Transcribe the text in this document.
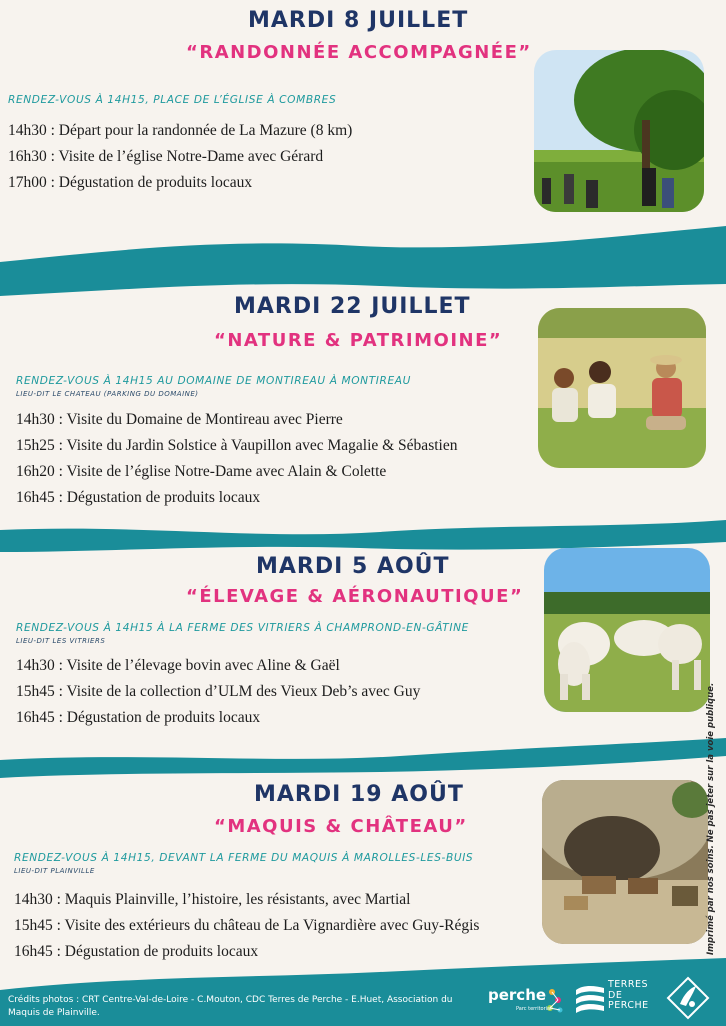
MARDI 8 JUILLET
“RANDONNÉE ACCOMPAGNÉE”
RENDEZ-VOUS À 14H15, PLACE DE L’ÉGLISE À COMBRES
14h30 : Départ pour la randonnée de La Mazure (8 km)
16h30 : Visite de l’église Notre-Dame avec Gérard
17h00 : Dégustation de produits locaux
MARDI 22 JUILLET
“NATURE & PATRIMOINE”
RENDEZ-VOUS À 14H15 AU DOMAINE DE MONTIREAU À MONTIREAU
LIEU-DIT LE CHATEAU (PARKING DU DOMAINE)
14h30 : Visite du Domaine de Montireau avec Pierre
15h25 : Visite du Jardin Solstice à Vaupillon avec Magalie & Sébastien
16h20 : Visite de l’église Notre-Dame avec Alain & Colette
16h45 : Dégustation de produits locaux
MARDI 5 AOÛT
“ÉLEVAGE & AÉRONAUTIQUE”
RENDEZ-VOUS À 14H15 À LA FERME DES VITRIERS À CHAMPROND-EN-GÂTINE
LIEU-DIT LES VITRIERS
14h30 : Visite de l’élevage bovin avec Aline & Gaël
15h45 : Visite de la collection d’ULM des Vieux Deb’s avec Guy
16h45 : Dégustation de produits locaux
MARDI 19 AOÛT
“MAQUIS & CHÂTEAU”
RENDEZ-VOUS À 14H15, DEVANT LA FERME DU MAQUIS À MAROLLES-LES-BUIS
LIEU-DIT PLAINVILLE
14h30 : Maquis Plainville, l’histoire, les résistants, avec Martial
15h45 : Visite des extérieurs du château de La Vignardière avec Guy-Régis
16h45 : Dégustation de produits locaux	Imprimé par nos soins. Ne pas jeter sur la voie publique.
Crédits photos : CRT Centre-Val-de-Loire - C.Mouton, CDC Terres de Perche - E.Huet, Association du Maquis de Plainville.
perche
Parc territorial
TERRES
DE
PERCHE
